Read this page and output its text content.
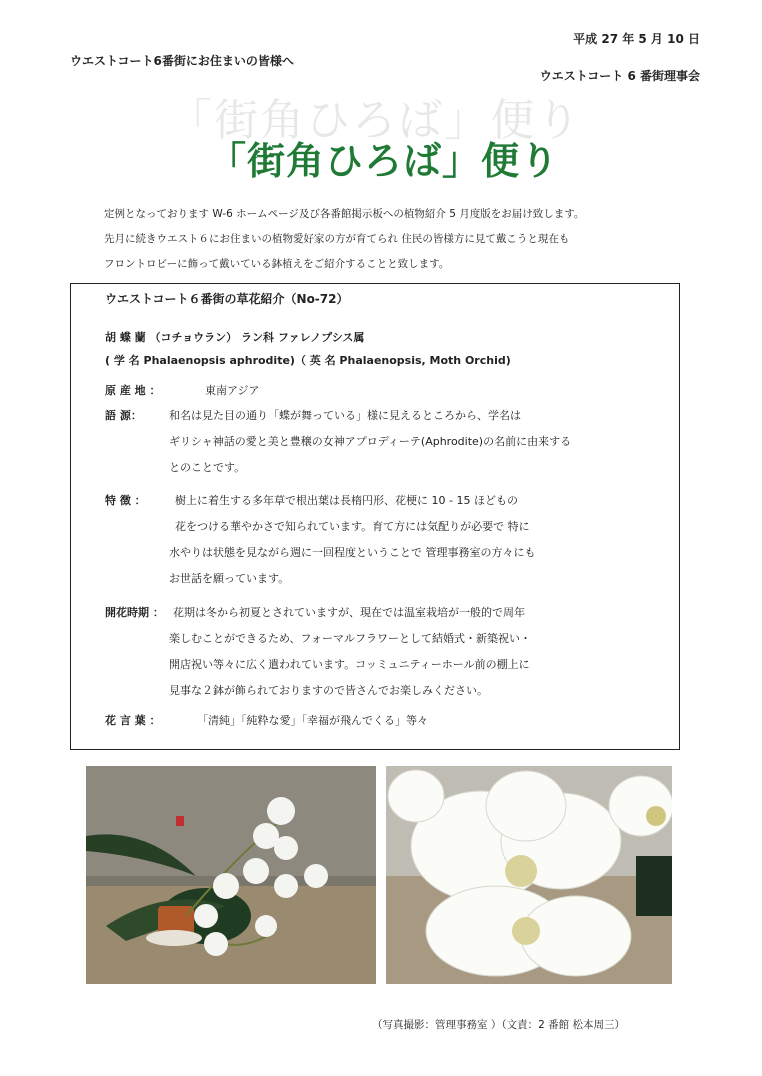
平成 27 年 5 月 10 日
ウエストコート6番街にお住まいの皆様へ
ウエストコート 6 番街理事会
「街角ひろば」便り
「街角ひろば」便り
定例となっております W-6 ホームページ及び各番館掲示板への植物紹介 5 月度版をお届け致します。
先月に続きウエスト６にお住まいの植物愛好家の方が育てられ 住民の皆様方に見て戴こうと現在も
フロントロビーに飾って戴いている鉢植えをご紹介することと致します。
ウエストコート６番街の草花紹介（No-72）
胡 蝶 蘭 （コチョウラン） ラン科 ファレノプシス属
( 学 名 Phalaenopsis aphrodite)（ 英 名 Phalaenopsis, Moth Orchid)
原 産 地 ：	東南アジア
語 源： 和名は見た目の通り「蝶が舞っている」様に見えるところから、学名は
ギリシャ神話の愛と美と豊穣の女神アプロディーテ(Aphrodite)の名前に由来する
とのことです。
特 徴 ：	樹上に着生する多年草で根出葉は長楕円形、花梗に 10 - 15 ほどもの
花をつける華やかさで知られています。育て方には気配りが必要で 特に
水やりは状態を見ながら週に一回程度ということで 管理事務室の方々にも
お世話を願っています。
開花時期 ： 花期は冬から初夏とされていますが、現在では温室栽培が一般的で周年
楽しむことができるため、フォーマルフラワーとして結婚式・新築祝い・
開店祝い等々に広く遣われています。コッミュニティーホール前の棚上に
見事な２鉢が飾られておりますので皆さんでお楽しみください。
花 言 葉 ：	「清純」「純粋な愛」「幸福が飛んでくる」等々
（写真撮影：管理事務室 ）（文責：2 番館 松本周三）
